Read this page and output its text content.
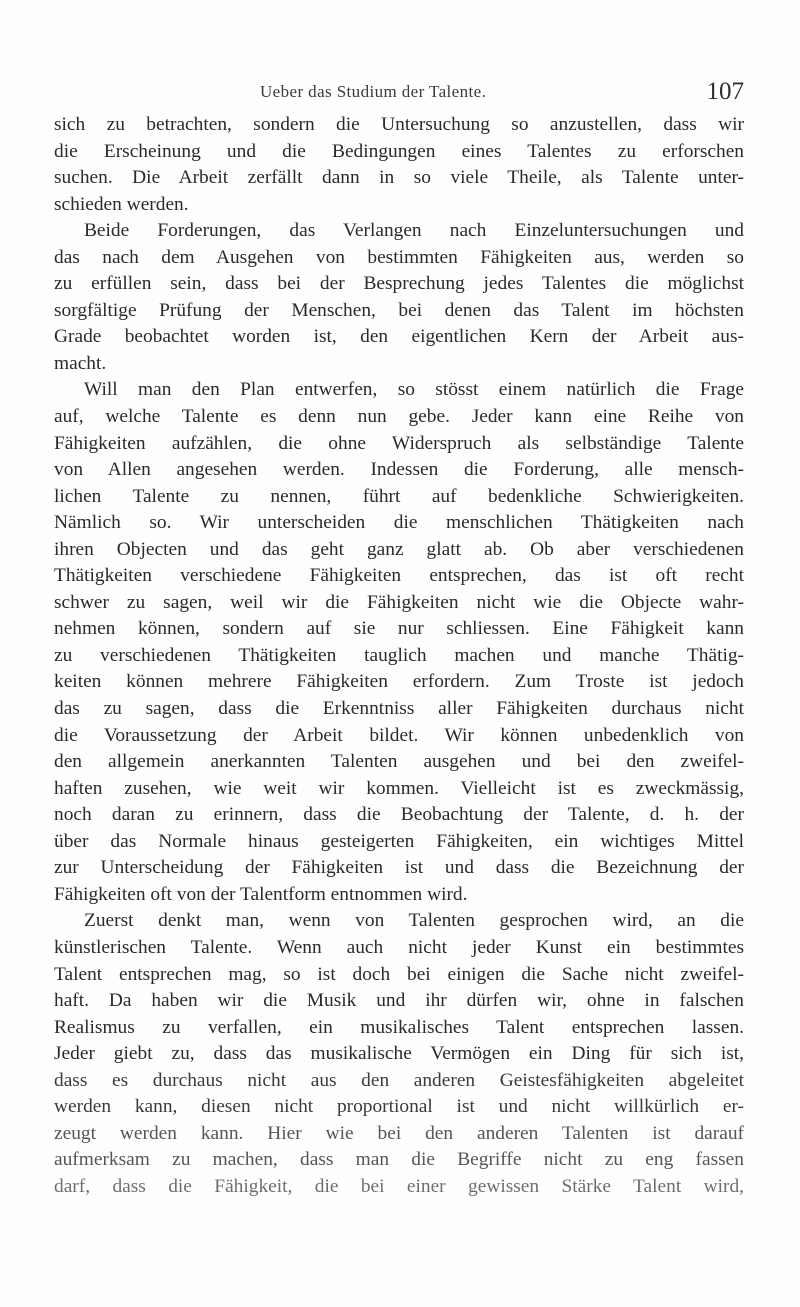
Ueber das Studium der Talente.	107
sich zu betrachten, sondern die Untersuchung so anzustellen, dass wir
die Erscheinung und die Bedingungen eines Talentes zu erforschen
suchen. Die Arbeit zerfällt dann in so viele Theile, als Talente unter-
schieden werden.
Beide Forderungen, das Verlangen nach Einzeluntersuchungen und
das nach dem Ausgehen von bestimmten Fähigkeiten aus, werden so
zu erfüllen sein, dass bei der Besprechung jedes Talentes die möglichst
sorgfältige Prüfung der Menschen, bei denen das Talent im höchsten
Grade beobachtet worden ist, den eigentlichen Kern der Arbeit aus-
macht.
Will man den Plan entwerfen, so stösst einem natürlich die Frage
auf, welche Talente es denn nun gebe. Jeder kann eine Reihe von
Fähigkeiten aufzählen, die ohne Widerspruch als selbständige Talente
von Allen angesehen werden. Indessen die Forderung, alle mensch-
lichen Talente zu nennen, führt auf bedenkliche Schwierigkeiten.
Nämlich so. Wir unterscheiden die menschlichen Thätigkeiten nach
ihren Objecten und das geht ganz glatt ab. Ob aber verschiedenen
Thätigkeiten verschiedene Fähigkeiten entsprechen, das ist oft recht
schwer zu sagen, weil wir die Fähigkeiten nicht wie die Objecte wahr-
nehmen können, sondern auf sie nur schliessen. Eine Fähigkeit kann
zu verschiedenen Thätigkeiten tauglich machen und manche Thätig-
keiten können mehrere Fähigkeiten erfordern. Zum Troste ist jedoch
das zu sagen, dass die Erkenntniss aller Fähigkeiten durchaus nicht
die Voraussetzung der Arbeit bildet. Wir können unbedenklich von
den allgemein anerkannten Talenten ausgehen und bei den zweifel-
haften zusehen, wie weit wir kommen. Vielleicht ist es zweckmässig,
noch daran zu erinnern, dass die Beobachtung der Talente, d. h. der
über das Normale hinaus gesteigerten Fähigkeiten, ein wichtiges Mittel
zur Unterscheidung der Fähigkeiten ist und dass die Bezeichnung der
Fähigkeiten oft von der Talentform entnommen wird.
Zuerst denkt man, wenn von Talenten gesprochen wird, an die
künstlerischen Talente. Wenn auch nicht jeder Kunst ein bestimmtes
Talent entsprechen mag, so ist doch bei einigen die Sache nicht zweifel-
haft. Da haben wir die Musik und ihr dürfen wir, ohne in falschen
Realismus zu verfallen, ein musikalisches Talent entsprechen lassen.
Jeder giebt zu, dass das musikalische Vermögen ein Ding für sich ist,
dass es durchaus nicht aus den anderen Geistesfähigkeiten abgeleitet
werden kann, diesen nicht proportional ist und nicht willkürlich er-
zeugt werden kann. Hier wie bei den anderen Talenten ist darauf
aufmerksam zu machen, dass man die Begriffe nicht zu eng fassen
darf, dass die Fähigkeit, die bei einer gewissen Stärke Talent wird,
